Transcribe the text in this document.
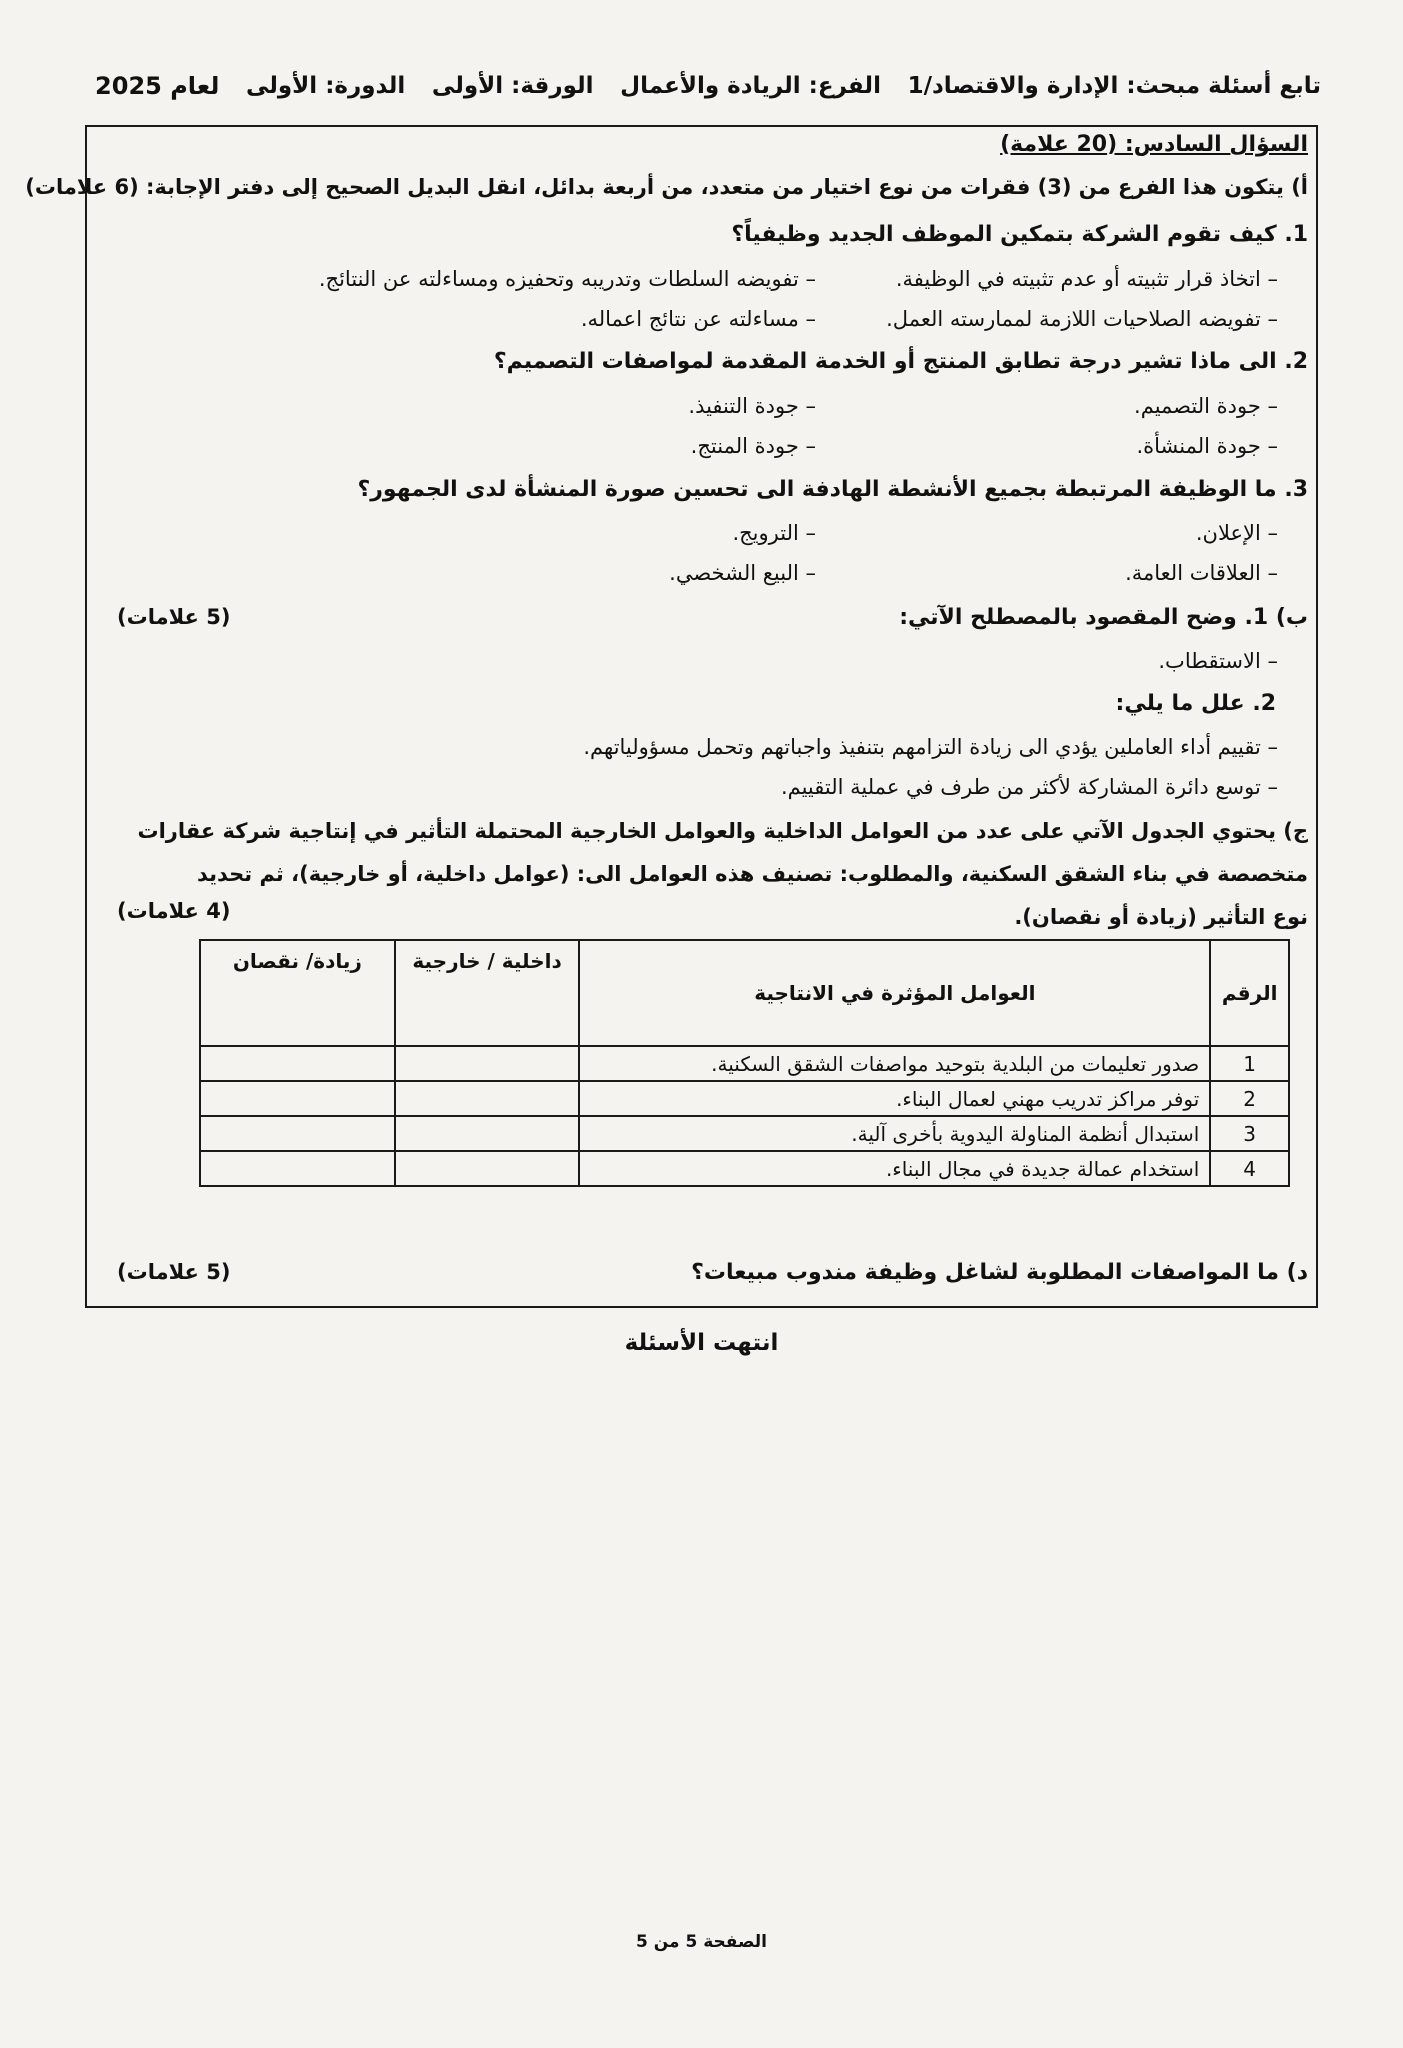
تابع أسئلة مبحث: الإدارة والاقتصاد/1
الفرع: الريادة والأعمال
الورقة: الأولى
الدورة: الأولى
لعام 2025
السؤال السادس: (20 علامة)
أ) يتكون هذا الفرع من (3) فقرات من نوع اختيار من متعدد، من أربعة بدائل، انقل البديل الصحيح إلى دفتر الإجابة: (6 علامات)
1. كيف تقوم الشركة بتمكين الموظف الجديد وظيفياً؟
– اتخاذ قرار تثبيته أو عدم تثبيته في الوظيفة.
– تفويضه السلطات وتدريبه وتحفيزه ومساءلته عن النتائج.
– تفويضه الصلاحيات اللازمة لممارسته العمل.
– مساءلته عن نتائج اعماله.
2. الى ماذا تشير درجة تطابق المنتج أو الخدمة المقدمة لمواصفات التصميم؟
– جودة التصميم.
– جودة التنفيذ.
– جودة المنشأة.
– جودة المنتج.
3. ما الوظيفة المرتبطة بجميع الأنشطة الهادفة الى تحسين صورة المنشأة لدى الجمهور؟
– الإعلان.
– الترويج.
– العلاقات العامة.
– البيع الشخصي.
ب) 1. وضح المقصود بالمصطلح الآتي:
(5 علامات)
– الاستقطاب.
2. علل ما يلي:
– تقييم أداء العاملين يؤدي الى زيادة التزامهم بتنفيذ واجباتهم وتحمل مسؤولياتهم.
– توسع دائرة المشاركة لأكثر من طرف في عملية التقييم.
ج) يحتوي الجدول الآتي على عدد من العوامل الداخلية والعوامل الخارجية المحتملة التأثير في إنتاجية شركة عقارات
متخصصة في بناء الشقق السكنية، والمطلوب: تصنيف هذه العوامل الى: (عوامل داخلية، أو خارجية)، ثم تحديد
نوع التأثير (زيادة أو نقصان).
(4 علامات)
الرقم	العوامل المؤثرة في الانتاجية	داخلية / خارجية	زيادة/ نقصان
1	صدور تعليمات من البلدية بتوحيد مواصفات الشقق السكنية.		
2	توفر مراكز تدريب مهني لعمال البناء.		
3	استبدال أنظمة المناولة اليدوية بأخرى آلية.		
4	استخدام عمالة جديدة في مجال البناء.		
د) ما المواصفات المطلوبة لشاغل وظيفة مندوب مبيعات؟
(5 علامات)
انتهت الأسئلة
الصفحة 5 من 5
